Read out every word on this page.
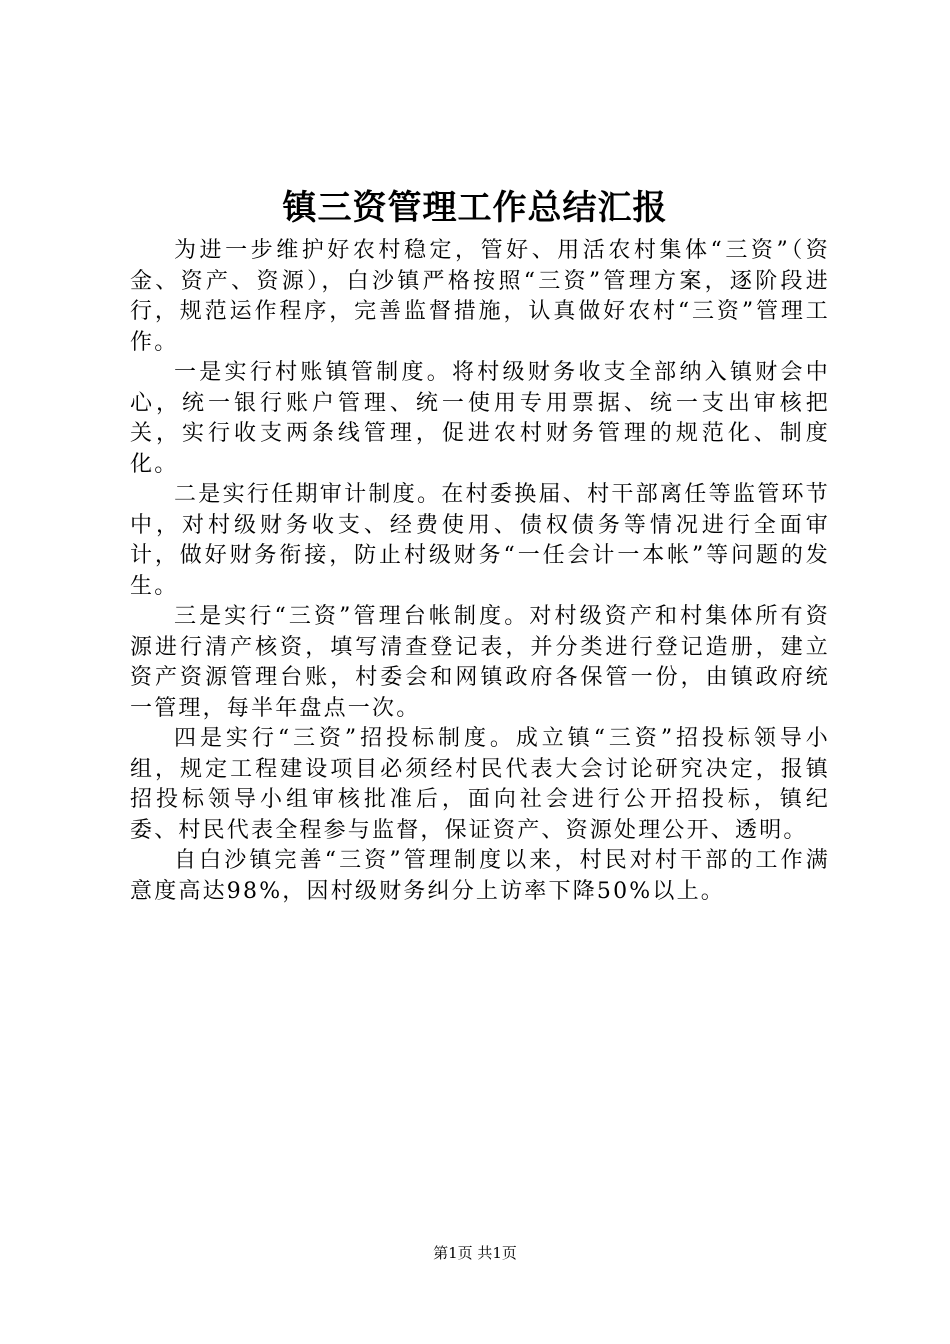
镇三资管理工作总结汇报

为进一步维护好农村稳定，管好、用活农村集体“三资”（资金、资产、资源），白沙镇严格按照“三资”管理方案，逐阶段进行，规范运作程序，完善监督措施，认真做好农村“三资”管理工作。

一是实行村账镇管制度。将村级财务收支全部纳入镇财会中心，统一银行账户管理、统一使用专用票据、统一支出审核把关，实行收支两条线管理，促进农村财务管理的规范化、制度化。

二是实行任期审计制度。在村委换届、村干部离任等监管环节中，对村级财务收支、经费使用、债权债务等情况进行全面审计，做好财务衔接，防止村级财务“一任会计一本帐”等问题的发生。

三是实行“三资”管理台帐制度。对村级资产和村集体所有资源进行清产核资，填写清查登记表，并分类进行登记造册，建立资产资源管理台账，村委会和网镇政府各保管一份，由镇政府统一管理，每半年盘点一次。

四是实行“三资”招投标制度。成立镇“三资”招投标领导小组，规定工程建设项目必须经村民代表大会讨论研究决定，报镇招投标领导小组审核批准后，面向社会进行公开招投标，镇纪委、村民代表全程参与监督，保证资产、资源处理公开、透明。

自白沙镇完善“三资”管理制度以来，村民对村干部的工作满意度高达98%，因村级财务纠分上访率下降50%以上。

第1页 共1页
